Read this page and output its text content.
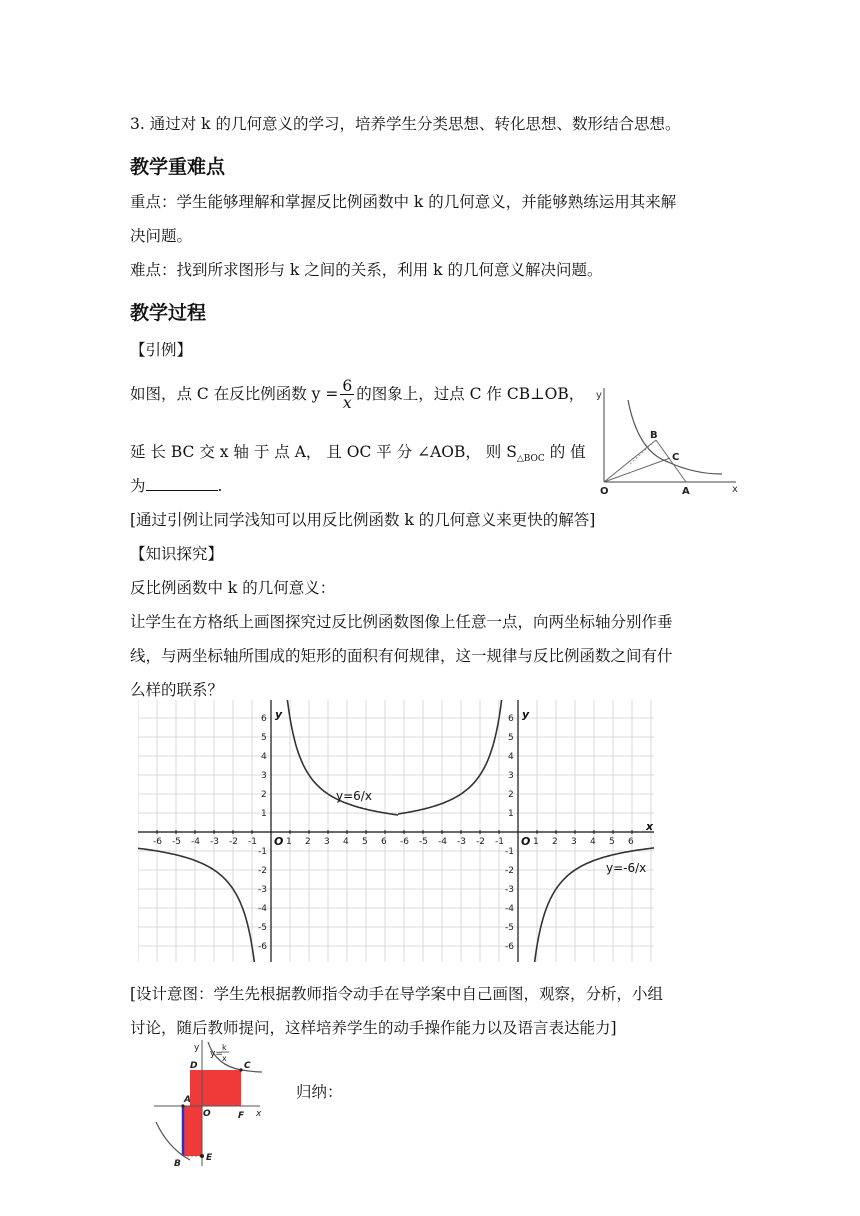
3. 通过对 k 的几何意义的学习，培养学生分类思想、转化思想、数形结合思想。
教学重难点
重点：学生能够理解和掌握反比例函数中 k 的几何意义，并能够熟练运用其来解
决问题。
难点：找到所求图形与 k 之间的关系，利用 k 的几何意义解决问题。
教学过程
【引例】
如图，点 C 在反比例函数 $y = \frac{6}{x}$ 的图象上，过点 C 作 CB⊥OB，
延 长 BC 交 x 轴 于 点 A， 且 OC 平 分 ∠AOB， 则 $S_{\triangle BOC}$ 的 值
为	.
y
x
B
C
O	A
[通过引例让同学浅知可以用反比例函数 k 的几何意义来更快的解答]
【知识探究】
反比例函数中 k 的几何意义：
让学生在方格纸上画图探究过反比例函数图像上任意一点，向两坐标轴分别作垂
线，与两坐标轴所围成的矩形的面积有何规律，这一规律与反比例函数之间有什
么样的联系？
-6 -5 -4 -3 -2 -1	1 2 3 4 5 6
6
5
4
3
2
1
-1
-2
-3
-4
-5
-6
O
y
y=6/x
-6 -5 -4 -3 -2 -1	1 2 3 4 5 6
6
5
4
3
2
1
-1
-2
-3
-4
-5
-6
O
y
x
y=-6/x
[设计意图：学生先根据教师指令动手在导学案中自己画图，观察，分析，小组
讨论，随后教师提问，这样培养学生的动手操作能力以及语言表达能力]
y
y=
k
x
D	C
A
O	F x
B
E
归纳：
